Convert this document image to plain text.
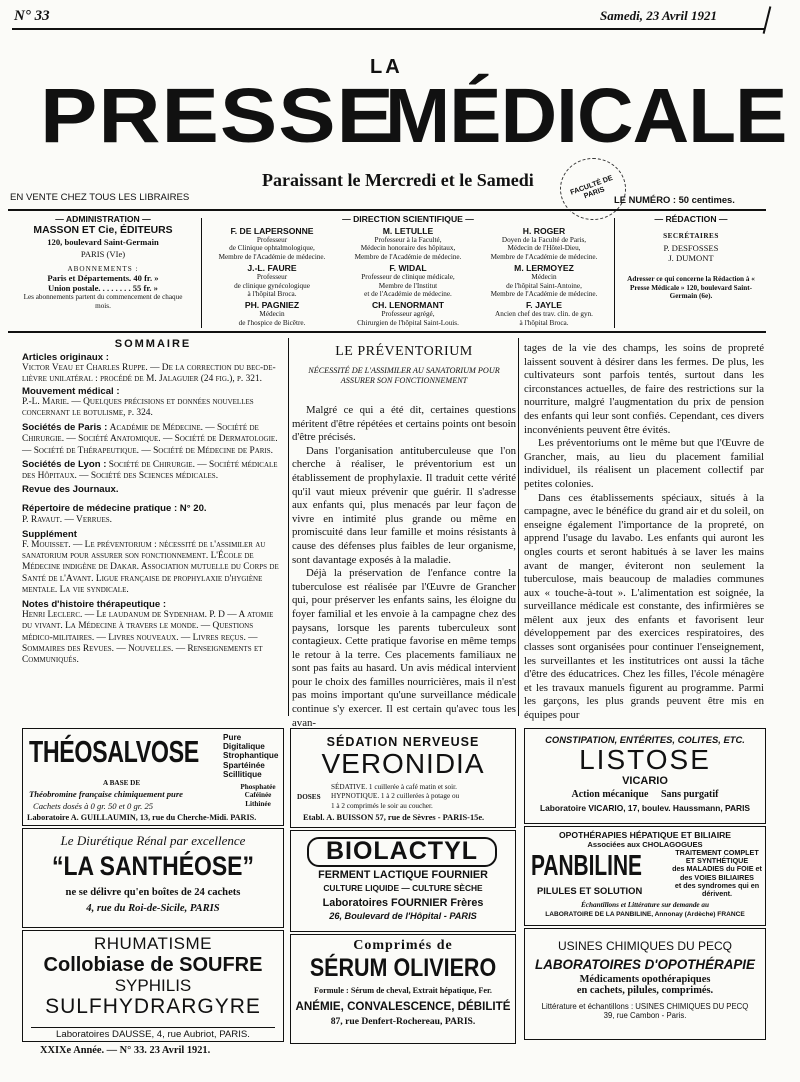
N° 33	Samedi, 23 Avril 1921
LA
PRESSE
MÉDICALE
Paraissant le Mercredi et le Samedi
EN VENTE CHEZ TOUS LES LIBRAIRES	LE NUMÉRO : 50 centimes.
FACULTÉ DE PARIS
— ADMINISTRATION —
MASSON ET Cie, ÉDITEURS
120, boulevard Saint-Germain
PARIS (VIe)
ABONNEMENTS :
Paris et Départements. 40 fr. »
Union postale. . . . . . . . 55 fr. »
Les abonnements partent du commencement de chaque mois.
— DIRECTION SCIENTIFIQUE —
F. DE LAPERSONNE
Professeur
de Clinique ophtalmologique,
Membre de l'Académie de médecine.
M. LETULLE
Professeur à la Faculté,
Médecin honoraire des hôpitaux,
Membre de l'Académie de médecine.
H. ROGER
Doyen de la Faculté de Paris,
Médecin de l'Hôtel-Dieu,
Membre de l'Académie de médecine.
J.-L. FAURE
Professeur
de clinique gynécologique
à l'hôpital Broca.
F. WIDAL
Professeur de clinique médicale,
Membre de l'Institut
et de l'Académie de médecine.
M. LERMOYEZ
Médecin
de l'hôpital Saint-Antoine,
Membre de l'Académie de médecine.
PH. PAGNIEZ
Médecin
de l'hospice de Bicêtre.
CH. LENORMANT
Professeur agrégé,
Chirurgien de l'hôpital Saint-Louis.
F. JAYLE
Ancien chef des trav. clin. de gyn.
à l'hôpital Broca.
— RÉDACTION —
SECRÉTAIRES
P. DESFOSSES
J. DUMONT
Adresser ce qui concerne la Rédaction à « Presse Médicale » 120, boulevard Saint-Germain (6e).
SOMMAIRE
Articles originaux :
Victor Veau et Charles Ruppe. — De la correction du bec-de-lièvre unilatéral : procédé de M. Jalaguier (24 fig.), p. 321.
Mouvement médical :
P.-L. Marie. — Quelques précisions et données nouvelles concernant le botulisme, p. 324.
Sociétés de Paris : Académie de Médecine. — Société de Chirurgie. — Société Anatomique. — Société de Dermatologie. — Société de Thérapeutique. — Société de Médecine de Paris.
Sociétés de Lyon : Société de Chirurgie. — Société médicale des Hôpitaux. — Société des Sciences médicales.
Revue des Journaux.
Répertoire de médecine pratique : N° 20.
P. Ravaut. — Verrues.
Supplément
F. Mouisset. — Le préventorium : nécessité de l'assimiler au sanatorium pour assurer son fonctionnement. L'École de Médecine indigène de Dakar. Association mutuelle du Corps de Santé de l'Avant. Ligue française de prophylaxie d'hygiène mentale. La vie syndicale.
Notes d'histoire thérapeutique :
Henri Leclerc. — Le laudanum de Sydenham. P. D — A atomie du vivant. La Médecine à travers le monde. — Questions médico-militaires. — Livres nouveaux. — Livres reçus. — Sommaires des Revues. — Nouvelles. — Renseignements et Communiqués.
LE PRÉVENTORIUM
NÉCESSITÉ DE L'ASSIMILER AU SANATORIUM POUR ASSURER SON FONCTIONNEMENT

Malgré ce qui a été dit, certaines questions méritent d'être répétées et certains points ont besoin d'être précisés.

Dans l'organisation antituberculeuse que l'on cherche à réaliser, le préventorium est un établissement de prophylaxie. Il traduit cette vérité qu'il vaut mieux prévenir que guérir. Il s'adresse aux enfants qui, plus menacés par leur façon de vivre en intimité plus grande ou même en promiscuité dans leur famille et moins résistants à cause des défenses plus faibles de leur organisme, sont davantage exposés à la maladie.

Déjà la préservation de l'enfance contre la tuberculose est réalisée par l'Œuvre de Grancher qui, pour préserver les enfants sains, les éloigne du foyer familial et les envoie à la campagne chez des paysans, lorsque les parents tuberculeux sont contagieux. Cette pratique favorise en même temps le retour à la terre. Ces placements familiaux ne sont pas faits au hasard. Un avis médical intervient pour le choix des familles nourricières, mais il n'est pas moins important qu'une surveillance médicale continue s'y exercer. Il est certain qu'avec tous les avan-

tages de la vie des champs, les soins de propreté laissent souvent à désirer dans les fermes. De plus, les cultivateurs sont parfois tentés, surtout dans les circonstances actuelles, de faire des restrictions sur la nourriture, malgré l'augmentation du prix de pension des enfants qui leur sont confiés. Cependant, ces divers inconvénients peuvent être évités.

Les préventoriums ont le même but que l'Œuvre de Grancher, mais, au lieu du placement familial individuel, ils réalisent un placement collectif par petites colonies.

Dans ces établissements spéciaux, situés à la campagne, avec le bénéfice du grand air et du soleil, on enseigne également l'importance de la propreté, on apprend l'usage du lavabo. Les enfants qui auront les ongles courts et seront habitués à se laver les mains avant de manger, éviteront non seulement la tuberculose, mais beaucoup de maladies communes aux « touche-à-tout ». L'alimentation est soignée, la surveillance médicale est constante, des infirmières se mêlent aux jeux des enfants et favorisent leur développement par des exercices respiratoires, des classes sont organisées pour continuer l'enseignement, les surveillantes et les institutrices ont aussi la tâche d'être des éducatrices. Chez les filles, l'école ménagère et les travaux manuels figurent au programme. Parmi les garçons, les plus grands peuvent être mis en équipes pour

THÉOSALVOSE	Pure
Digitalique
Strophantique
Spartéinée
Scillitique
A BASE DE
Théobromine française chimiquement pure
Phosphatée Caféinée Lithinée
Cachets dosés à 0 gr. 50 et 0 gr. 25
Laboratoire A. GUILLAUMIN, 13, rue du Cherche-Midi. PARIS.
Le Diurétique Rénal par excellence
“LA SANTHÉOSE”
ne se délivre qu'en boîtes de 24 cachets
4, rue du Roi-de-Sicile, PARIS
RHUMATISME
Collobiase de SOUFRE
SYPHILIS
SULFHYDRARGYRE
Laboratoires DAUSSE, 4, rue Aubriot, PARIS.
XXIXe Année. — N° 33. 23 Avril 1921.
SÉDATION NERVEUSE
VERONIDIA
DOSES
SÉDATIVE. 1 cuillerée à café matin et soir.
HYPNOTIQUE. 1 à 2 cuillerées à potage ou
1 à 2 comprimés le soir au coucher.
Etabl. A. BUISSON 57, rue de Sèvres - PARIS-15e.
BIOLACTYL
FERMENT LACTIQUE FOURNIER
CULTURE LIQUIDE — CULTURE SÈCHE
Laboratoires FOURNIER Frères
26, Boulevard de l'Hôpital - PARIS
Comprimés de
SÉRUM OLIVIERO
Formule : Sérum de cheval, Extrait hépatique, Fer.
ANÉMIE, CONVALESCENCE, DÉBILITÉ
87, rue Denfert-Rochereau, PARIS.
CONSTIPATION, ENTÉRITES, COLITES, ETC.
LISTOSE
VICARIO
Action mécanique     Sans purgatif
Laboratoire VICARIO, 17, boulev. Haussmann, PARIS
OPOTHÉRAPIES HÉPATIQUE ET BILIAIRE
Associées aux CHOLAGOGUES
PANBILINE	TRAITEMENT COMPLET ET SYNTHÉTIQUE
des MALADIES du FOIE et des VOIES BILIAIRES
et des syndromes qui en dérivent.
PILULES ET SOLUTION
Échantillons et Littérature sur demande au
LABORATOIRE DE LA PANBILINE, Annonay (Ardèche) FRANCE
USINES CHIMIQUES DU PECQ
LABORATOIRES D'OPOTHÉRAPIE
Médicaments opothérapiques
en cachets, pilules, comprimés.
Littérature et échantillons : USINES CHIMIQUES DU PECQ
39, rue Cambon - Paris.
